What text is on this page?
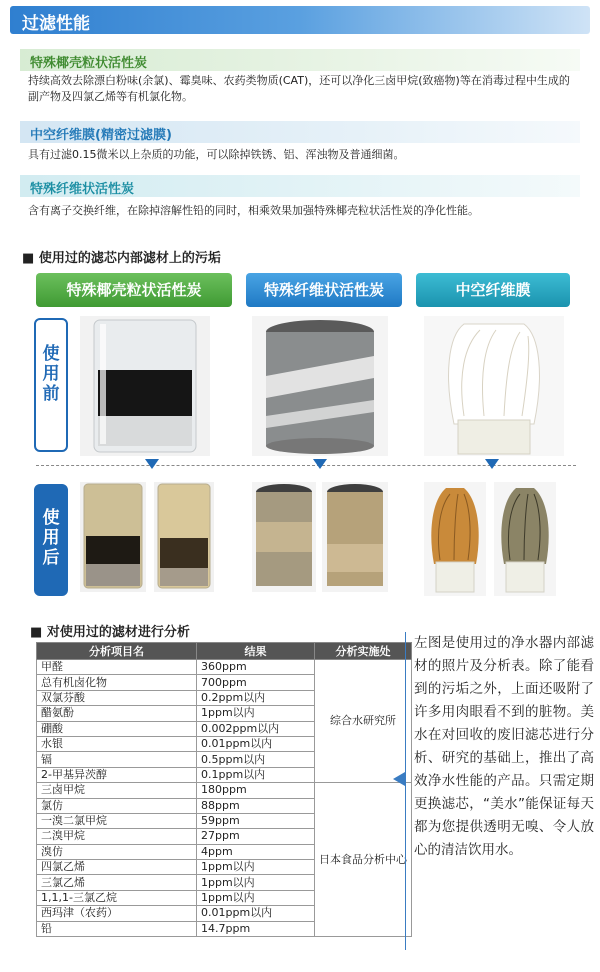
过滤性能
特殊椰壳粒状活性炭
持续高效去除漂白粉味(余氯)、霉臭味、农药类物质(CAT)，还可以净化三卤甲烷(致癌物)等在消毒过程中生成的副产物及四氯乙烯等有机氯化物。
中空纤维膜(精密过滤膜)
具有过滤0.15微米以上杂质的功能，可以除掉铁锈、铝、浑浊物及普通细菌。
特殊纤维状活性炭
含有离子交换纤维，在除掉溶解性铅的同时，相乘效果加强特殊椰壳粒状活性炭的净化性能。
■ 使用过的滤芯内部滤材上的污垢
特殊椰壳粒状活性炭	特殊纤维状活性炭	中空纤维膜
使用前
使用后
■ 对使用过的滤材进行分析
分析项目名	结果	分析实施处
甲醛	360ppm	综合水研究所
总有机卤化物	700ppm	
双氯芬酸	0.2ppm以内	
醋氨酚	1ppm以内	
硼酸	0.002ppm以内	
水银	0.01ppm以内	
镉	0.5ppm以内	
2-甲基异茨醇	0.1ppm以内	
三卤甲烷	180ppm	日本食品分析中心
氯仿	88ppm	
一溴二氯甲烷	59ppm	
二溴甲烷	27ppm	
溴仿	4ppm	
四氯乙烯	1ppm以内	
三氯乙烯	1ppm以内	
1,1,1-三氯乙烷	1ppm以内	
西玛津（农药）	0.01ppm以内	
铅	14.7ppm	
左图是使用过的净水器内部滤材的照片及分析表。除了能看到的污垢之外，上面还吸附了许多用肉眼看不到的脏物。美水在对回收的废旧滤芯进行分析、研究的基础上，推出了高效净水性能的产品。只需定期更换滤芯，“美水”能保证每天都为您提供透明无嗅、令人放心的清洁饮用水。
